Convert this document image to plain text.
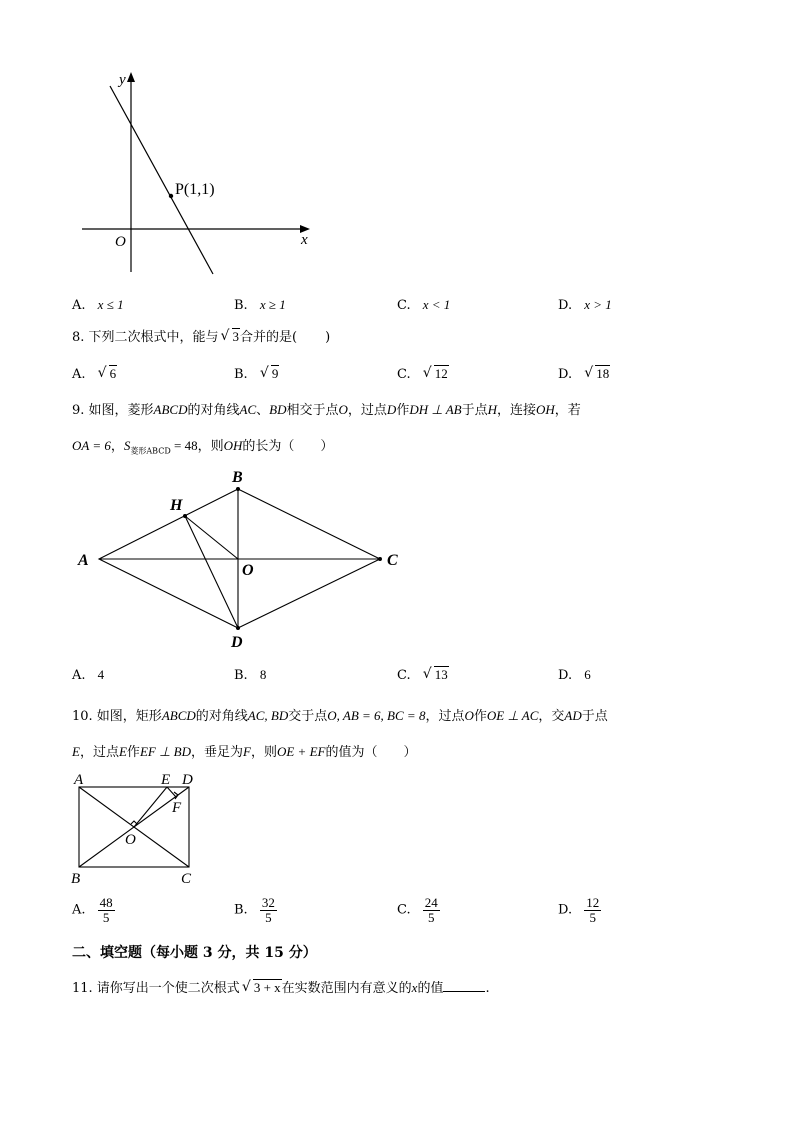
y
x
O
P(1,1)
A. x ≤ 1	B. x ≥ 1	C. x < 1	D. x > 1
8. 下列二次根式中，能与 √ 3合并的是( )
A. √ 6	B. √ 9	C. √ 12	D. √ 18
9. 如图，菱形ABCD的对角线AC、BD相交于点O，过点D作DH ⊥ AB于点H，连接OH，若
OA = 6，$S_{菱形ABCD} = 48$，则OH的长为（　　）
A
B
C
D
O
H
A. 4	B. 8	C. √ 13	D. 6
10. 如图，矩形ABCD的对角线AC, BD交于点O, AB = 6, BC = 8，过点O作OE ⊥ AC，交AD于点
E，过点E作EF ⊥ BD，垂足为F，则OE + EF的值为（　　）
A	E D
F
O
B	C
A. $\frac{48}{5}$	B. $\frac{32}{5}$	C. $\frac{24}{5}$	D. $\frac{12}{5}$
二、填空题（每小题 3 分，共 15 分）
11. 请你写出一个使二次根式 √ 3 + x在实数范围内有意义的x的值	.
